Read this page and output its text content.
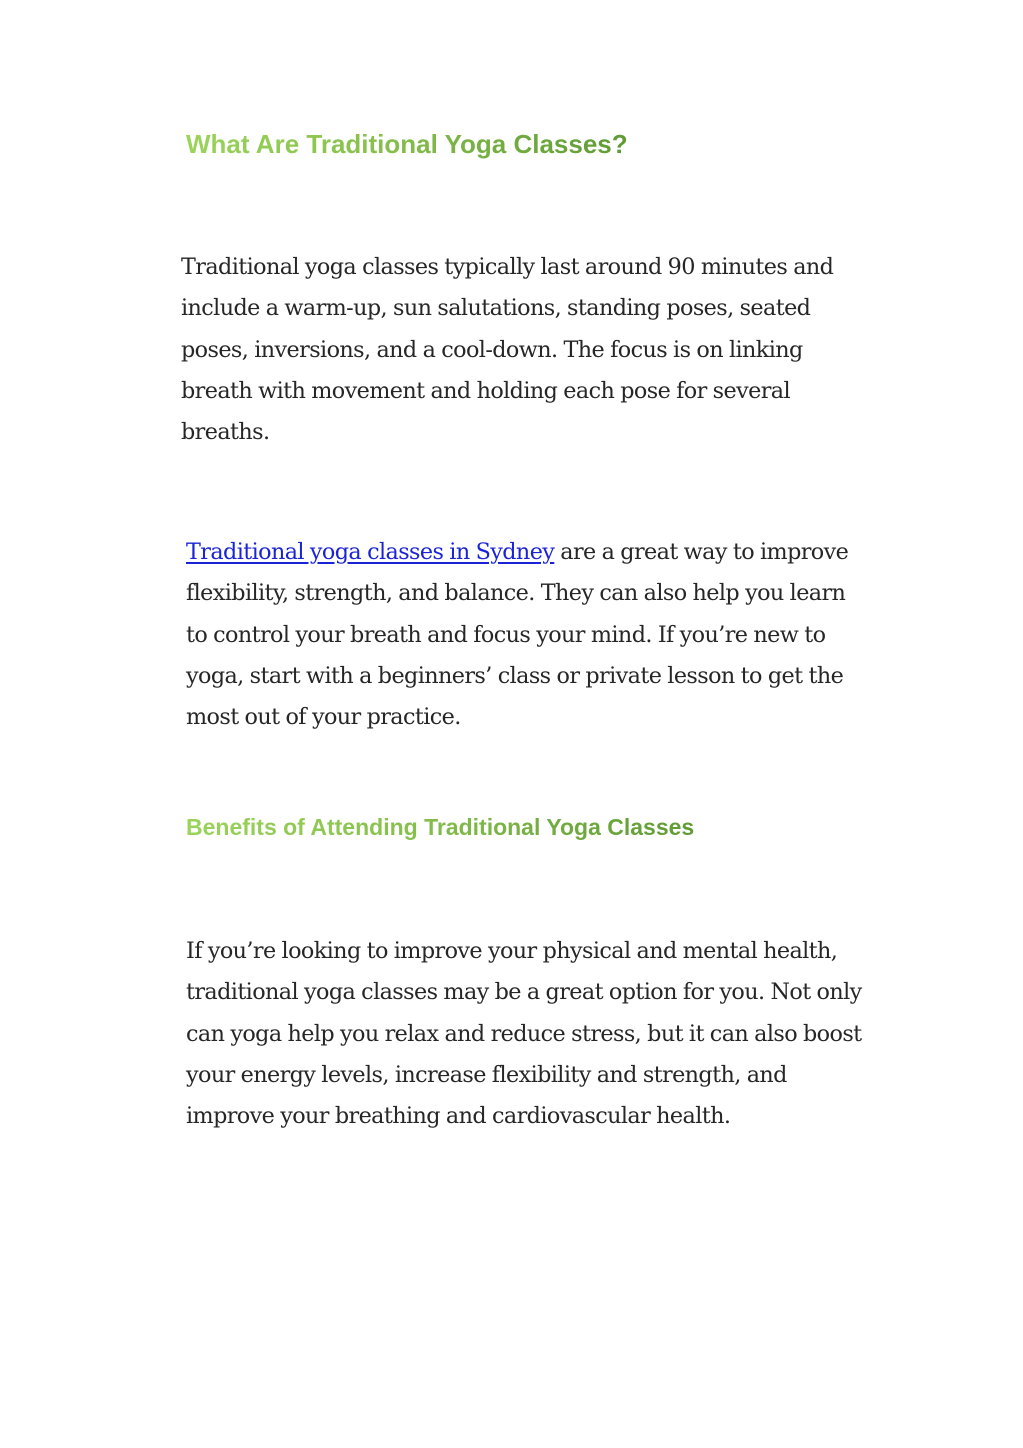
What Are Traditional Yoga Classes?

Traditional yoga classes typically last around 90 minutes and include a warm-up, sun salutations, standing poses, seated poses, inversions, and a cool-down. The focus is on linking breath with movement and holding each pose for several breaths.

Traditional yoga classes in Sydney are a great way to improve flexibility, strength, and balance. They can also help you learn to control your breath and focus your mind. If you’re new to yoga, start with a beginners’ class or private lesson to get the most out of your practice.

Benefits of Attending Traditional Yoga Classes

If you’re looking to improve your physical and mental health, traditional yoga classes may be a great option for you. Not only can yoga help you relax and reduce stress, but it can also boost your energy levels, increase flexibility and strength, and improve your breathing and cardiovascular health.
